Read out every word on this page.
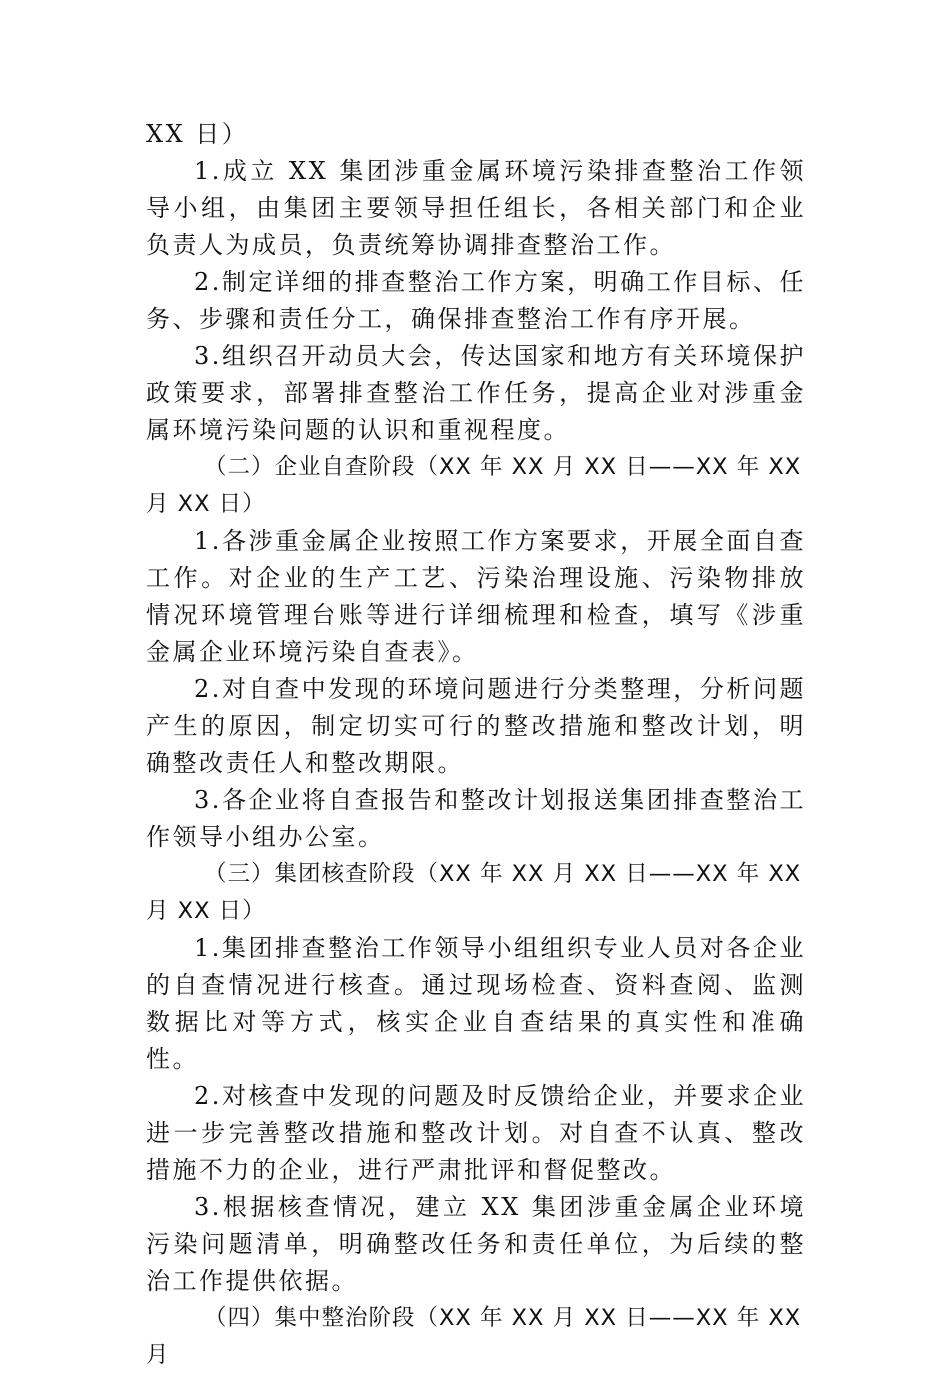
XX 日）

1.成立 XX 集团涉重金属环境污染排查整治工作领导小组，由集团主要领导担任组长，各相关部门和企业负责人为成员，负责统筹协调排查整治工作。

2.制定详细的排查整治工作方案，明确工作目标、任务、步骤和责任分工，确保排查整治工作有序开展。

3.组织召开动员大会，传达国家和地方有关环境保护政策要求，部署排查整治工作任务，提高企业对涉重金属环境污染问题的认识和重视程度。

（二）企业自查阶段（XX 年 XX 月 XX 日——XX 年 XX 月 XX 日）

1.各涉重金属企业按照工作方案要求，开展全面自查工作。对企业的生产工艺、污染治理设施、污染物排放情况环境管理台账等进行详细梳理和检查，填写《涉重金属企业环境污染自查表》。

2.对自查中发现的环境问题进行分类整理，分析问题产生的原因，制定切实可行的整改措施和整改计划，明确整改责任人和整改期限。

3.各企业将自查报告和整改计划报送集团排查整治工作领导小组办公室。

（三）集团核查阶段（XX 年 XX 月 XX 日——XX 年 XX 月 XX 日）

1.集团排查整治工作领导小组组织专业人员对各企业的自查情况进行核查。通过现场检查、资料查阅、监测数据比对等方式，核实企业自查结果的真实性和准确性。

2.对核查中发现的问题及时反馈给企业，并要求企业进一步完善整改措施和整改计划。对自查不认真、整改措施不力的企业，进行严肃批评和督促整改。

3.根据核查情况，建立 XX 集团涉重金属企业环境污染问题清单，明确整改任务和责任单位，为后续的整治工作提供依据。

（四）集中整治阶段（XX 年 XX 月 XX 日——XX 年 XX 月
